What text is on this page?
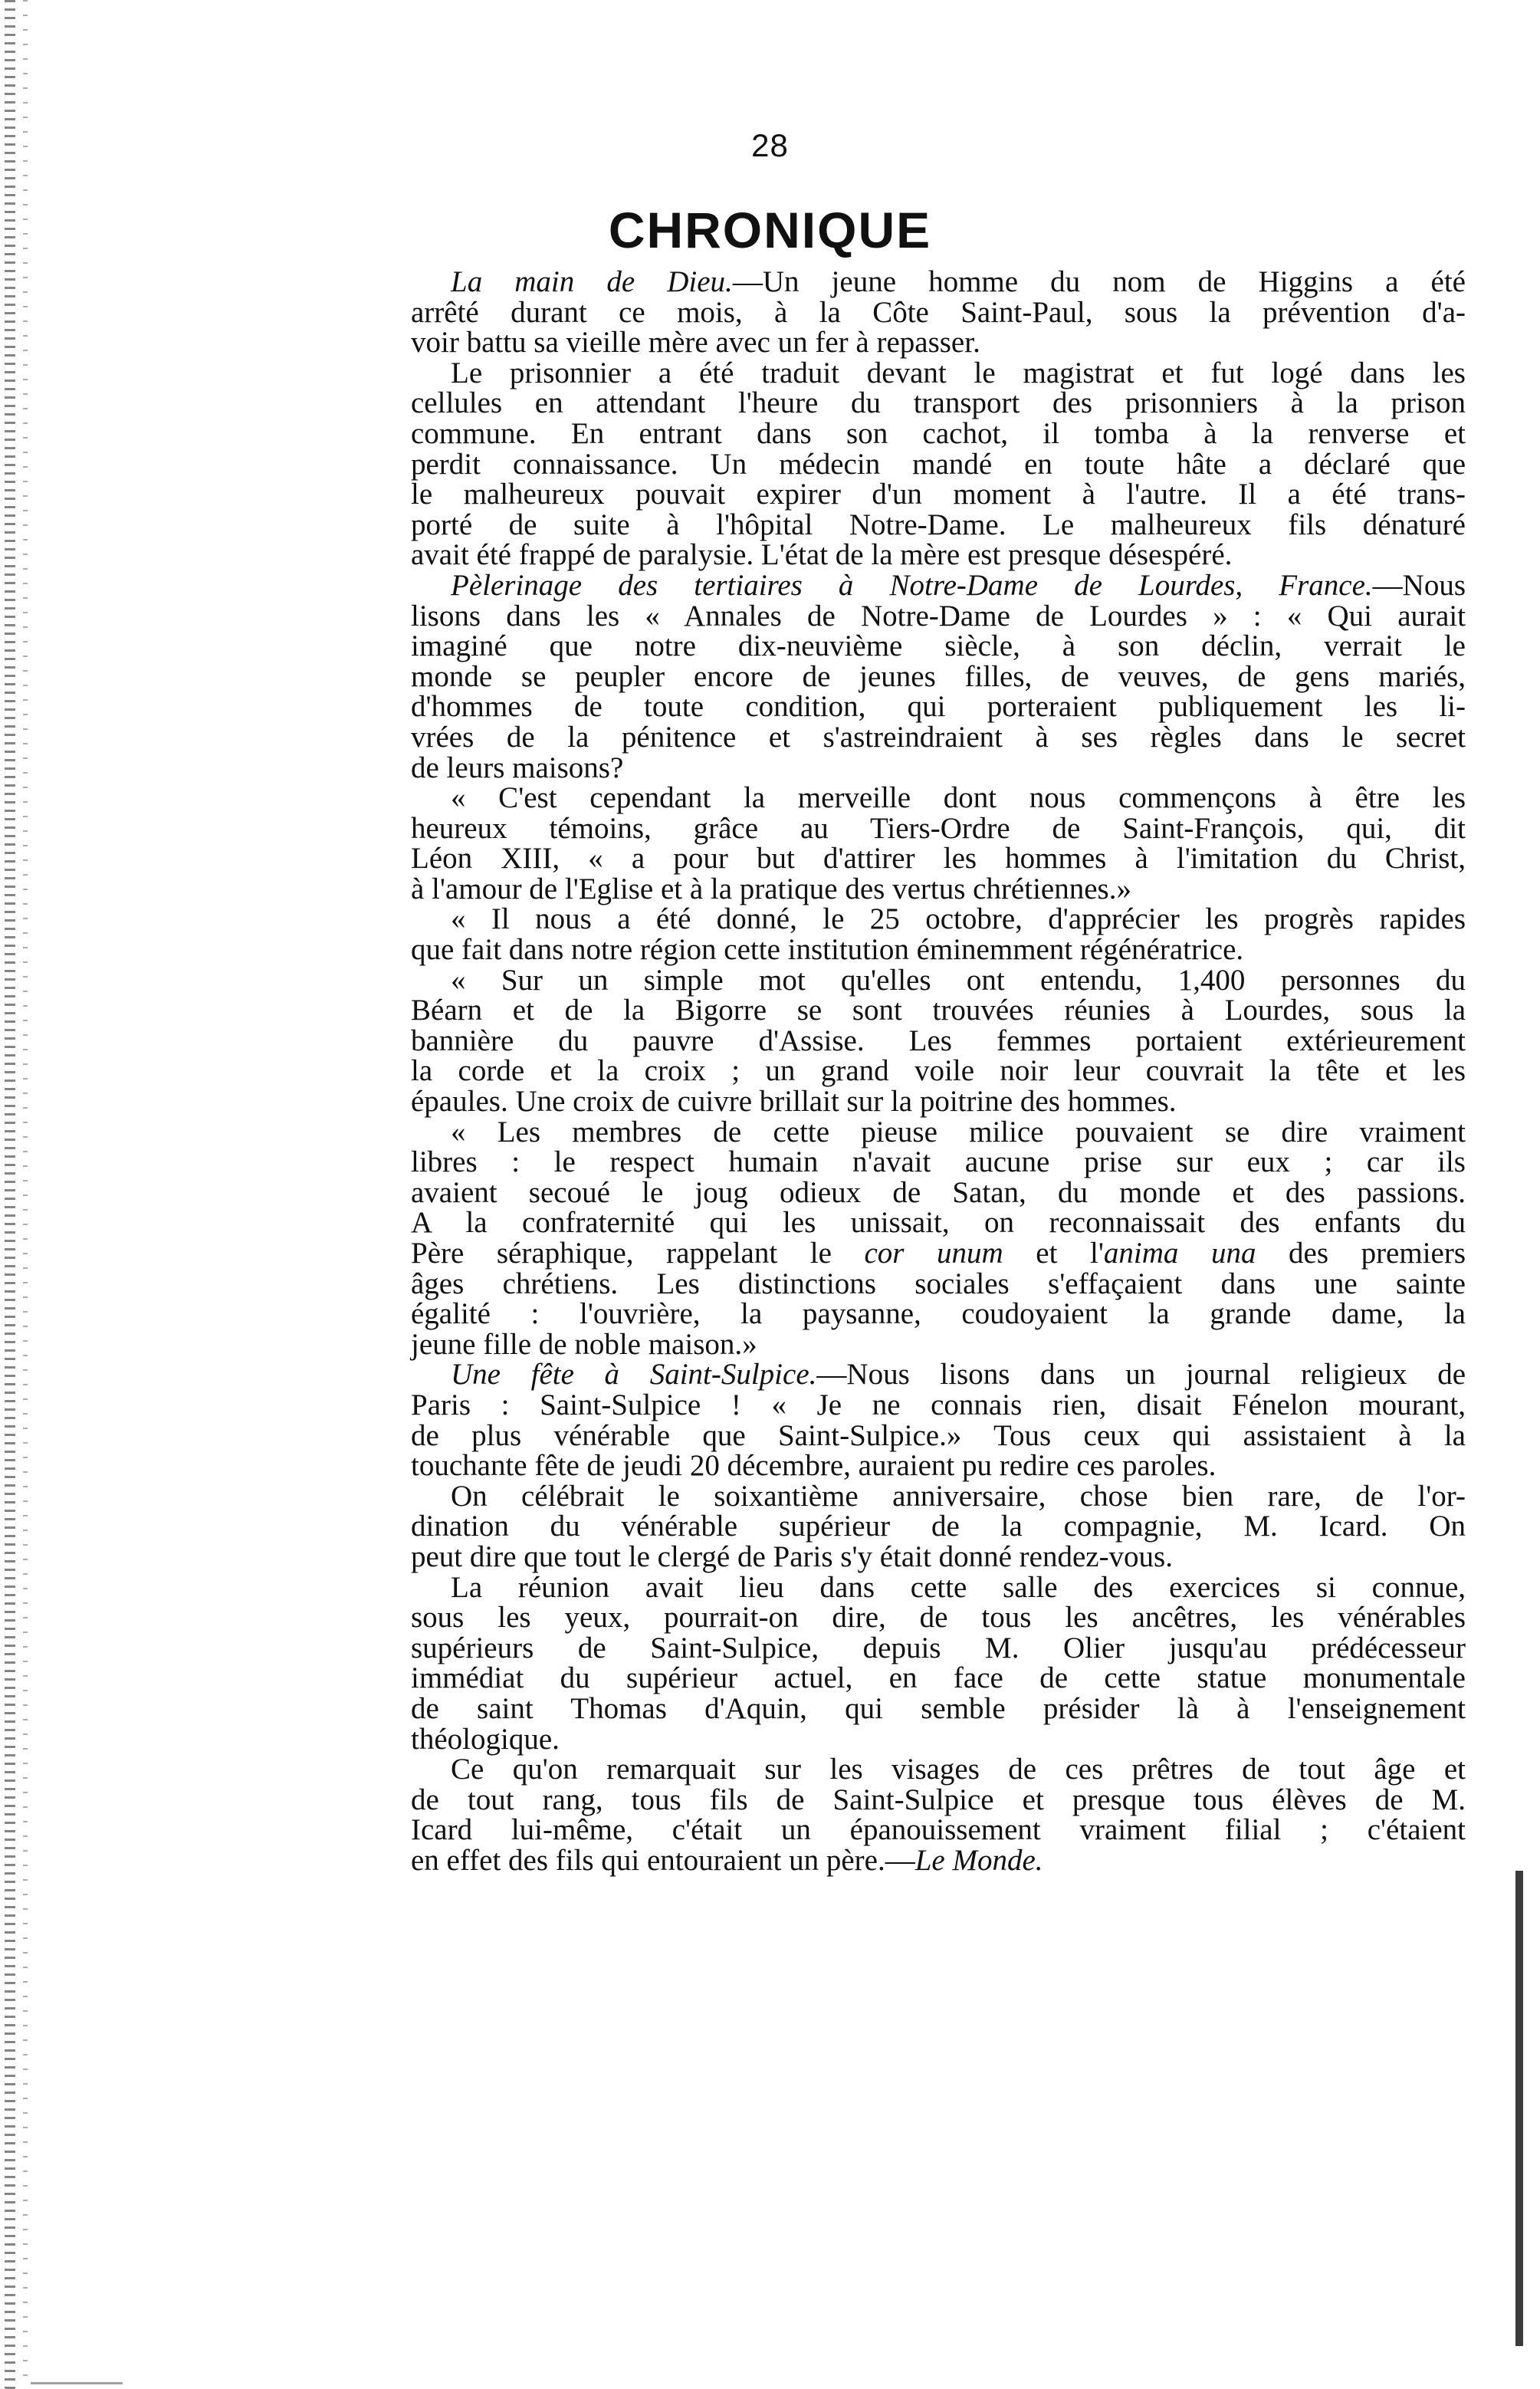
28
CHRONIQUE
La main de Dieu.—Un jeune homme du nom de Higgins a été
arrêté durant ce mois, à la Côte Saint-Paul, sous la prévention d'a-
voir battu sa vieille mère avec un fer à repasser.
Le prisonnier a été traduit devant le magistrat et fut logé dans les
cellules en attendant l'heure du transport des prisonniers à la prison
commune. En entrant dans son cachot, il tomba à la renverse et
perdit connaissance. Un médecin mandé en toute hâte a déclaré que
le malheureux pouvait expirer d'un moment à l'autre. Il a été trans-
porté de suite à l'hôpital Notre-Dame. Le malheureux fils dénaturé
avait été frappé de paralysie. L'état de la mère est presque désespéré.
Pèlerinage des tertiaires à Notre-Dame de Lourdes, France.—Nous
lisons dans les « Annales de Notre-Dame de Lourdes » : « Qui aurait
imaginé que notre dix-neuvième siècle, à son déclin, verrait le
monde se peupler encore de jeunes filles, de veuves, de gens mariés,
d'hommes de toute condition, qui porteraient publiquement les li-
vrées de la pénitence et s'astreindraient à ses règles dans le secret
de leurs maisons?
« C'est cependant la merveille dont nous commençons à être les
heureux témoins, grâce au Tiers-Ordre de Saint-François, qui, dit
Léon XIII, « a pour but d'attirer les hommes à l'imitation du Christ,
à l'amour de l'Eglise et à la pratique des vertus chrétiennes.»
« Il nous a été donné, le 25 octobre, d'apprécier les progrès rapides
que fait dans notre région cette institution éminemment régénératrice.
« Sur un simple mot qu'elles ont entendu, 1,400 personnes du
Béarn et de la Bigorre se sont trouvées réunies à Lourdes, sous la
bannière du pauvre d'Assise. Les femmes portaient extérieurement
la corde et la croix ; un grand voile noir leur couvrait la tête et les
épaules. Une croix de cuivre brillait sur la poitrine des hommes.
« Les membres de cette pieuse milice pouvaient se dire vraiment
libres : le respect humain n'avait aucune prise sur eux ; car ils
avaient secoué le joug odieux de Satan, du monde et des passions.
A la confraternité qui les unissait, on reconnaissait des enfants du
Père séraphique, rappelant le cor unum et l'anima una des premiers
âges chrétiens. Les distinctions sociales s'effaçaient dans une sainte
égalité : l'ouvrière, la paysanne, coudoyaient la grande dame, la
jeune fille de noble maison.»
Une fête à Saint-Sulpice.—Nous lisons dans un journal religieux de
Paris : Saint-Sulpice ! « Je ne connais rien, disait Fénelon mourant,
de plus vénérable que Saint-Sulpice.» Tous ceux qui assistaient à la
touchante fête de jeudi 20 décembre, auraient pu redire ces paroles.
On célébrait le soixantième anniversaire, chose bien rare, de l'or-
dination du vénérable supérieur de la compagnie, M. Icard. On
peut dire que tout le clergé de Paris s'y était donné rendez-vous.
La réunion avait lieu dans cette salle des exercices si connue,
sous les yeux, pourrait-on dire, de tous les ancêtres, les vénérables
supérieurs de Saint-Sulpice, depuis M. Olier jusqu'au prédécesseur
immédiat du supérieur actuel, en face de cette statue monumentale
de saint Thomas d'Aquin, qui semble présider là à l'enseignement
théologique.
Ce qu'on remarquait sur les visages de ces prêtres de tout âge et
de tout rang, tous fils de Saint-Sulpice et presque tous élèves de M.
Icard lui-même, c'était un épanouissement vraiment filial ; c'étaient
en effet des fils qui entouraient un père.—Le Monde.
